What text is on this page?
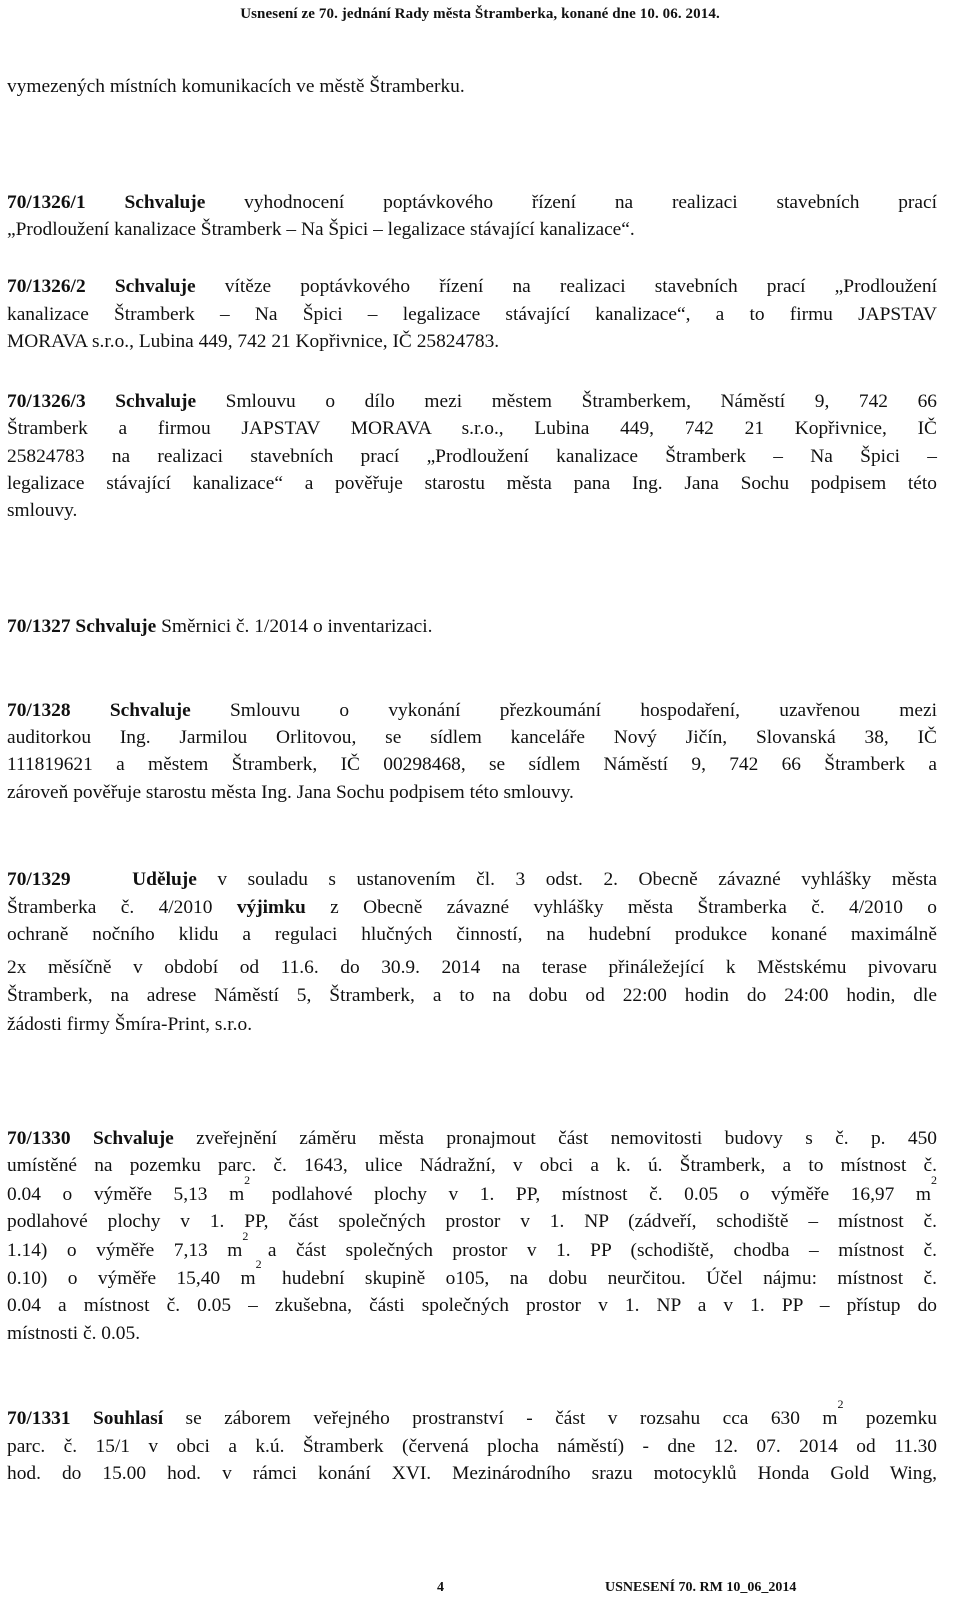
Usnesení ze 70. jednání Rady města Štramberka, konané dne 10. 06. 2014.
vymezených místních komunikacích ve městě Štramberku.
70/1326/1 Schvaluje vyhodnocení poptávkového řízení na realizaci stavebních prací
„Prodloužení kanalizace Štramberk – Na Špici – legalizace stávající kanalizace“.
70/1326/2 Schvaluje vítěze poptávkového řízení na realizaci stavebních prací „Prodloužení
kanalizace Štramberk – Na Špici – legalizace stávající kanalizace“, a to firmu JAPSTAV
MORAVA s.r.o., Lubina 449, 742 21 Kopřivnice, IČ 25824783.
70/1326/3 Schvaluje Smlouvu o dílo mezi městem Štramberkem, Náměstí 9, 742 66
Štramberk a firmou JAPSTAV MORAVA s.r.o., Lubina 449, 742 21 Kopřivnice, IČ
25824783 na realizaci stavebních prací „Prodloužení kanalizace Štramberk – Na Špici –
legalizace stávající kanalizace“ a pověřuje starostu města pana Ing. Jana Sochu podpisem této
smlouvy.
70/1327 Schvaluje Směrnici č. 1/2014 o inventarizaci.
70/1328 Schvaluje Smlouvu o vykonání přezkoumání hospodaření, uzavřenou mezi
auditorkou Ing. Jarmilou Orlitovou, se sídlem kanceláře Nový Jičín, Slovanská 38, IČ
111819621 a městem Štramberk, IČ 00298468, se sídlem Náměstí 9, 742 66 Štramberk a
zároveň pověřuje starostu města Ing. Jana Sochu podpisem této smlouvy.
70/1329	Uděluje v souladu s ustanovením čl. 3 odst. 2. Obecně závazné vyhlášky města
Štramberka č. 4/2010 výjimku z Obecně závazné vyhlášky města Štramberka č. 4/2010 o
ochraně nočního klidu a regulaci hlučných činností, na hudební produkce konané maximálně
2x měsíčně v období od 11.6. do 30.9. 2014 na terase přináležející k Městskému pivovaru
Štramberk, na adrese Náměstí 5, Štramberk, a to na dobu od 22:00 hodin do 24:00 hodin, dle
žádosti firmy Šmíra-Print, s.r.o.
70/1330 Schvaluje zveřejnění záměru města pronajmout část nemovitosti budovy s č. p. 450
umístěné na pozemku parc. č. 1643, ulice Nádražní, v obci a k. ú. Štramberk, a to místnost č.
0.04 o výměře 5,13 $m^2$ podlahové plochy v 1. PP, místnost č. 0.05 o výměře 16,97 $m^2$
podlahové plochy v 1. PP, část společných prostor v 1. NP (zádveří, schodiště – místnost č.
1.14) o výměře 7,13 $m^2$ a část společných prostor v 1. PP (schodiště, chodba – místnost č.
0.10) o výměře 15,40 $m^2$ hudební skupině o105, na dobu neurčitou. Účel nájmu: místnost č.
0.04 a místnost č. 0.05 – zkušebna, části společných prostor v 1. NP a v 1. PP – přístup do
místnosti č. 0.05.
70/1331 Souhlasí se záborem veřejného prostranství - část v rozsahu cca 630 $m^2$ pozemku
parc. č. 15/1 v obci a k.ú. Štramberk (červená plocha náměstí) - dne 12. 07. 2014 od 11.30
hod. do 15.00 hod. v rámci konání XVI. Mezinárodního srazu motocyklů Honda Gold Wing,
4	USNESENÍ 70. RM 10_06_2014
